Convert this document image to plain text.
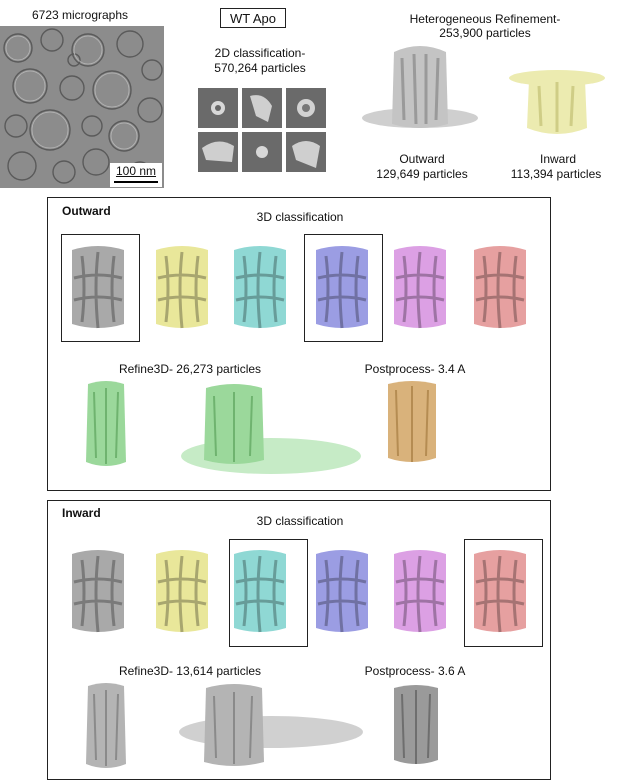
6723 micrographs
100 nm
WT Apo
2D classification-
570,264 particles
Heterogeneous Refinement-
253,900 particles
Outward
129,649 particles
Inward
113,394 particles
Outward	3D classification
Refine3D- 26,273 particles	Postprocess- 3.4 A
Inward
3D classification
Refine3D- 13,614 particles	Postprocess- 3.6 A
